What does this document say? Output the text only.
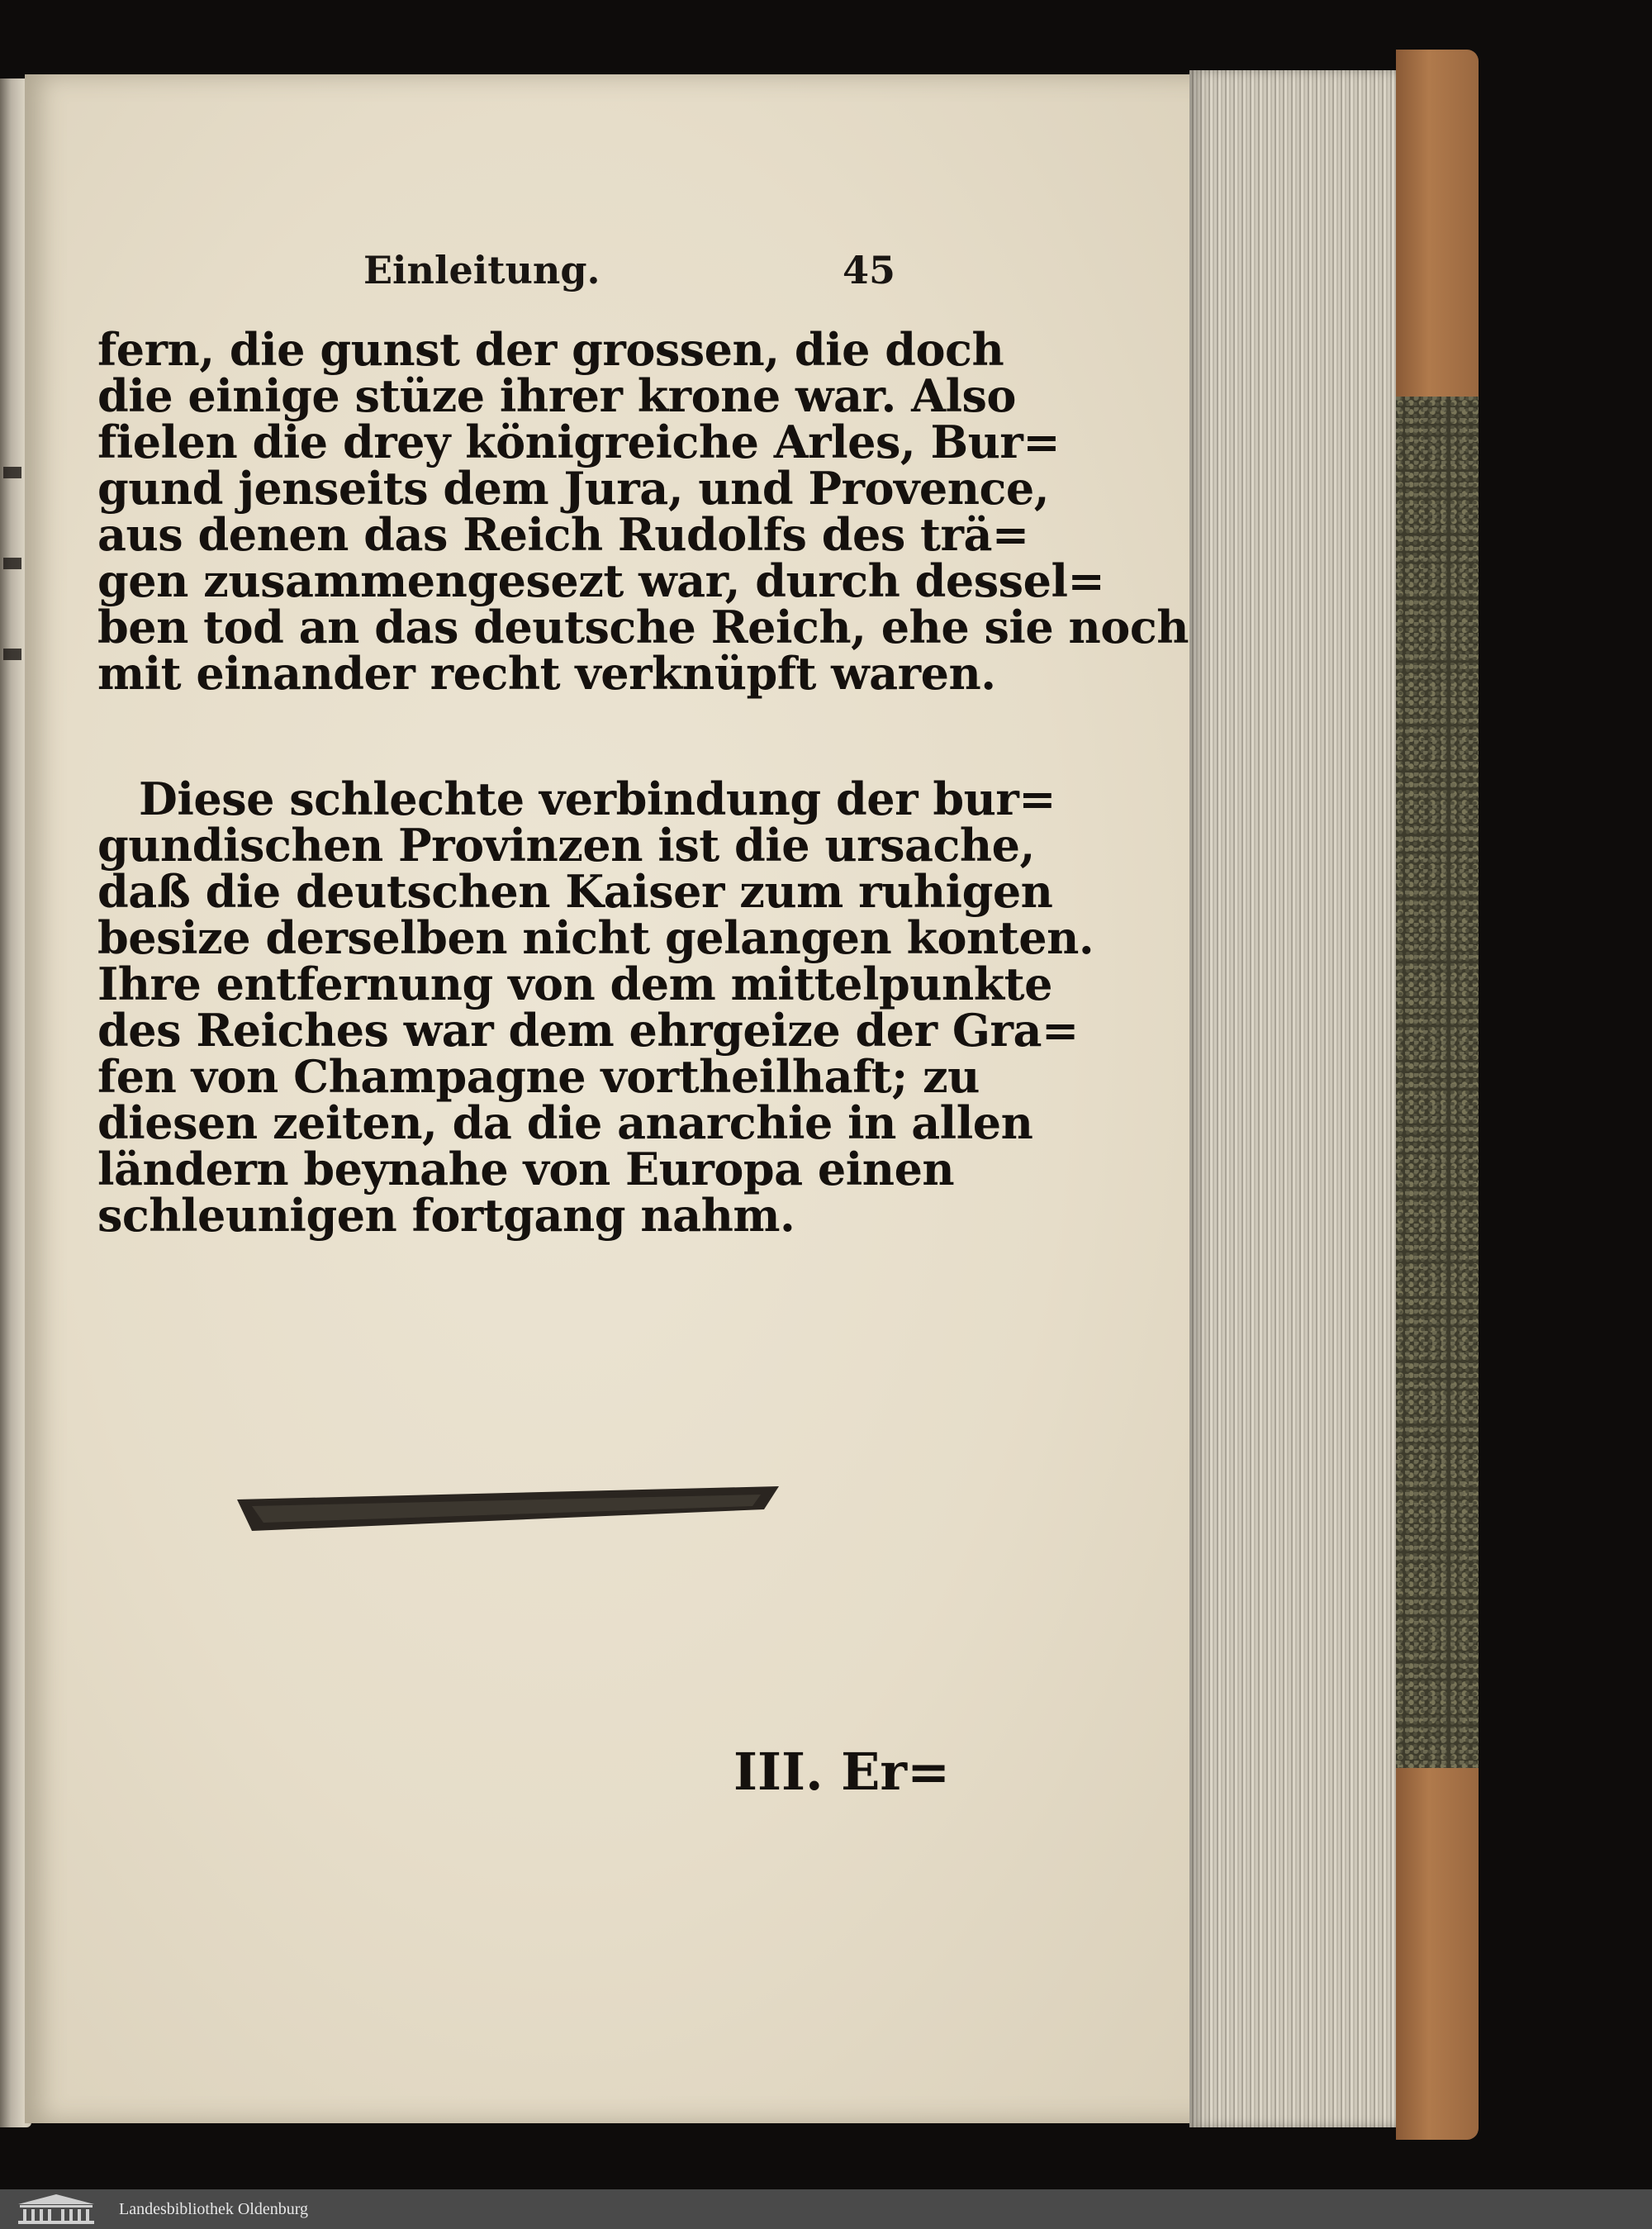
Einleitung.	45
fern, die gunst der grossen, die doch
die einige stüze ihrer krone war. Also
fielen die drey königreiche Arles, Bur=
gund jenseits dem Jura, und Provence,
aus denen das Reich Rudolfs des trä=
gen zusammengesezt war, durch dessel=
ben tod an das deutsche Reich, ehe sie noch
mit einander recht verknüpft waren.
Diese schlechte verbindung der bur=
gundischen Provinzen ist die ursache,
daß die deutschen Kaiser zum ruhigen
besize derselben nicht gelangen konten.
Ihre entfernung von dem mittelpunkte
des Reiches war dem ehrgeize der Gra=
fen von Champagne vortheilhaft; zu
diesen zeiten, da die anarchie in allen
ländern beynahe von Europa einen
schleunigen fortgang nahm.
III. Er=
Landesbibliothek Oldenburg
